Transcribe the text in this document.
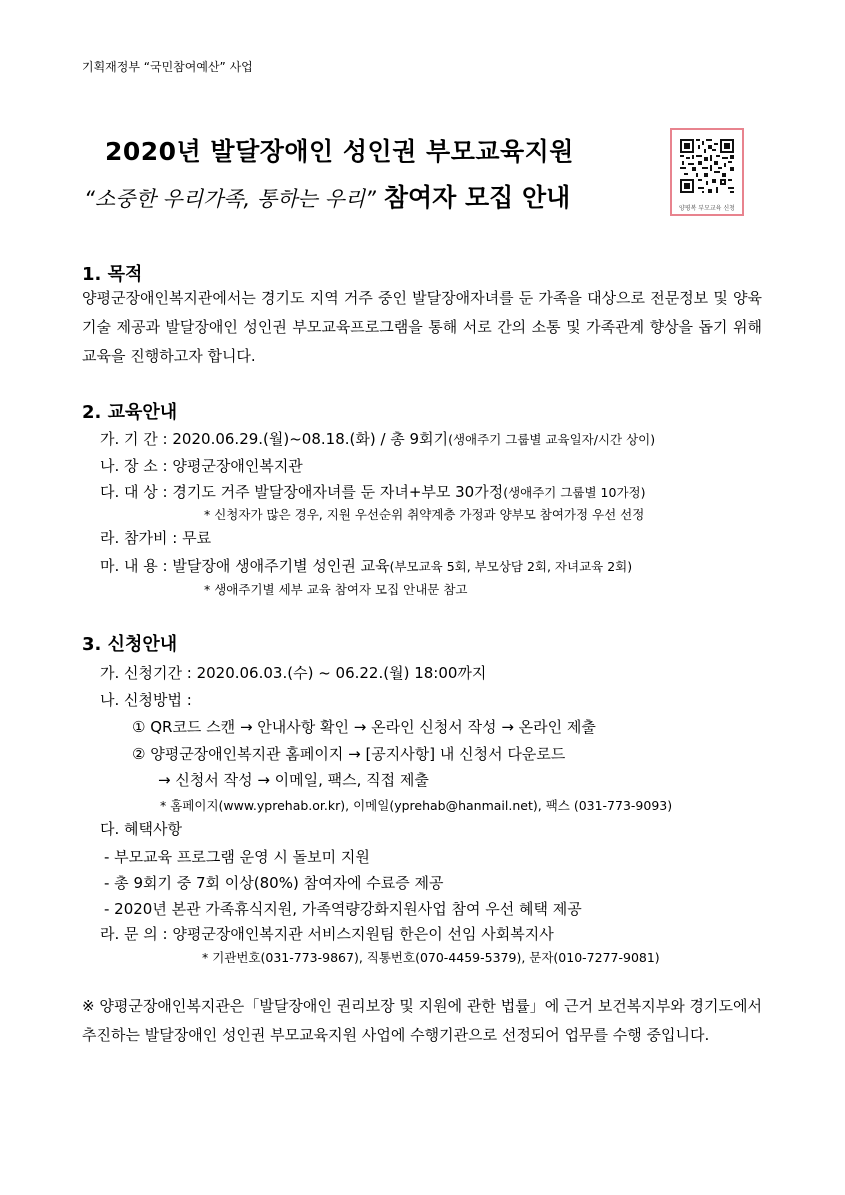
기획재정부 “국민참여예산” 사업
2020년 발달장애인 성인권 부모교육지원
“소중한 우리가족, 통하는 우리” 참여자 모집 안내	양평복 부모교육 신청
1. 목적
양평군장애인복지관에서는 경기도 지역 거주 중인 발달장애자녀를 둔 가족을 대상으로 전문정보 및 양육기술 제공과 발달장애인 성인권 부모교육프로그램을 통해 서로 간의 소통 및 가족관계 향상을 돕기 위해 교육을 진행하고자 합니다.
2. 교육안내
가. 기 간 : 2020.06.29.(월)~08.18.(화) / 총 9회기(생애주기 그룹별 교육일자/시간 상이)
나. 장 소 : 양평군장애인복지관
다. 대 상 : 경기도 거주 발달장애자녀를 둔 자녀+부모 30가정(생애주기 그룹별 10가정)
* 신청자가 많은 경우, 지원 우선순위 취약계층 가정과 양부모 참여가정 우선 선정
라. 참가비 : 무료
마. 내 용 : 발달장애 생애주기별 성인권 교육(부모교육 5회, 부모상담 2회, 자녀교육 2회)
* 생애주기별 세부 교육 참여자 모집 안내문 참고
3. 신청안내
가. 신청기간 : 2020.06.03.(수) ~ 06.22.(월) 18:00까지
나. 신청방법 :
① QR코드 스캔 → 안내사항 확인 → 온라인 신청서 작성 → 온라인 제출
② 양평군장애인복지관 홈페이지 → [공지사항] 내 신청서 다운로드
→ 신청서 작성 → 이메일, 팩스, 직접 제출
* 홈페이지(www.yprehab.or.kr), 이메일(yprehab@hanmail.net), 팩스 (031-773-9093)
다. 혜택사항
- 부모교육 프로그램 운영 시 돌보미 지원
- 총 9회기 중 7회 이상(80%) 참여자에 수료증 제공
- 2020년 본관 가족휴식지원, 가족역량강화지원사업 참여 우선 혜택 제공
라. 문 의 : 양평군장애인복지관 서비스지원팀 한은이 선임 사회복지사
* 기관번호(031-773-9867), 직통번호(070-4459-5379), 문자(010-7277-9081)
※ 양평군장애인복지관은「발달장애인 권리보장 및 지원에 관한 법률」에 근거 보건복지부와 경기도에서 추진하는 발달장애인 성인권 부모교육지원 사업에 수행기관으로 선정되어 업무를 수행 중입니다.
